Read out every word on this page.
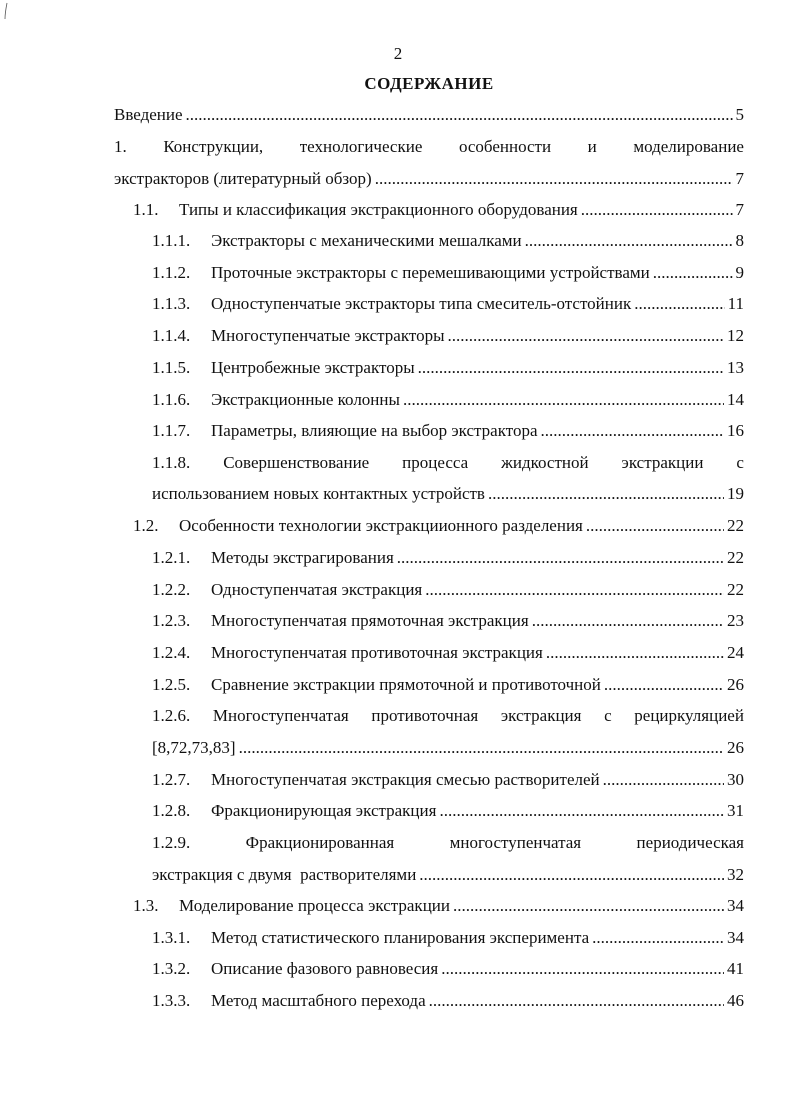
2
СОДЕРЖАНИЕ
Введение .....	5
1. Конструкции, технологические особенности и моделирование
экстракторов (литературный обзор) .....	7
1.1.	Типы и классификация экстракционного оборудования .....	7
1.1.1.	Экстракторы с механическими мешалками .....	8
1.1.2.	Проточные экстракторы с перемешивающими устройствами .....	9
1.1.3.	Одноступенчатые экстракторы типа смеситель-отстойник .....	11
1.1.4.	Многоступенчатые экстракторы .....	12
1.1.5.	Центробежные экстракторы .....	13
1.1.6.	Экстракционные колонны .....	14
1.1.7.	Параметры, влияющие на выбор экстрактора .....	16
1.1.8. Совершенствование процесса жидкостной экстракции с
использованием новых контактных устройств .....	19
1.2.	Особенности технологии экстракциионного разделения .....	22
1.2.1.	Методы экстрагирования .....	22
1.2.2.	Одноступенчатая экстракция .....	22
1.2.3.	Многоступенчатая прямоточная экстракция .....	23
1.2.4.	Многоступенчатая противоточная экстракция .....	24
1.2.5.	Сравнение экстракции прямоточной и противоточной .....	26
1.2.6. Многоступенчатая противоточная экстракция с рециркуляцией
[8,72,73,83] .....	26
1.2.7.	Многоступенчатая экстракция смесью растворителей .....	30
1.2.8.	Фракционирующая экстракция .....	31
1.2.9.	Фракционированная	многоступенчатая	периодическая
экстракция с двумя  растворителями .....	32
1.3.	Моделирование процесса экстракции .....	34
1.3.1.	Метод статистического планирования эксперимента .....	34
1.3.2.	Описание фазового равновесия .....	41
1.3.3.	Метод масштабного перехода .....	46
